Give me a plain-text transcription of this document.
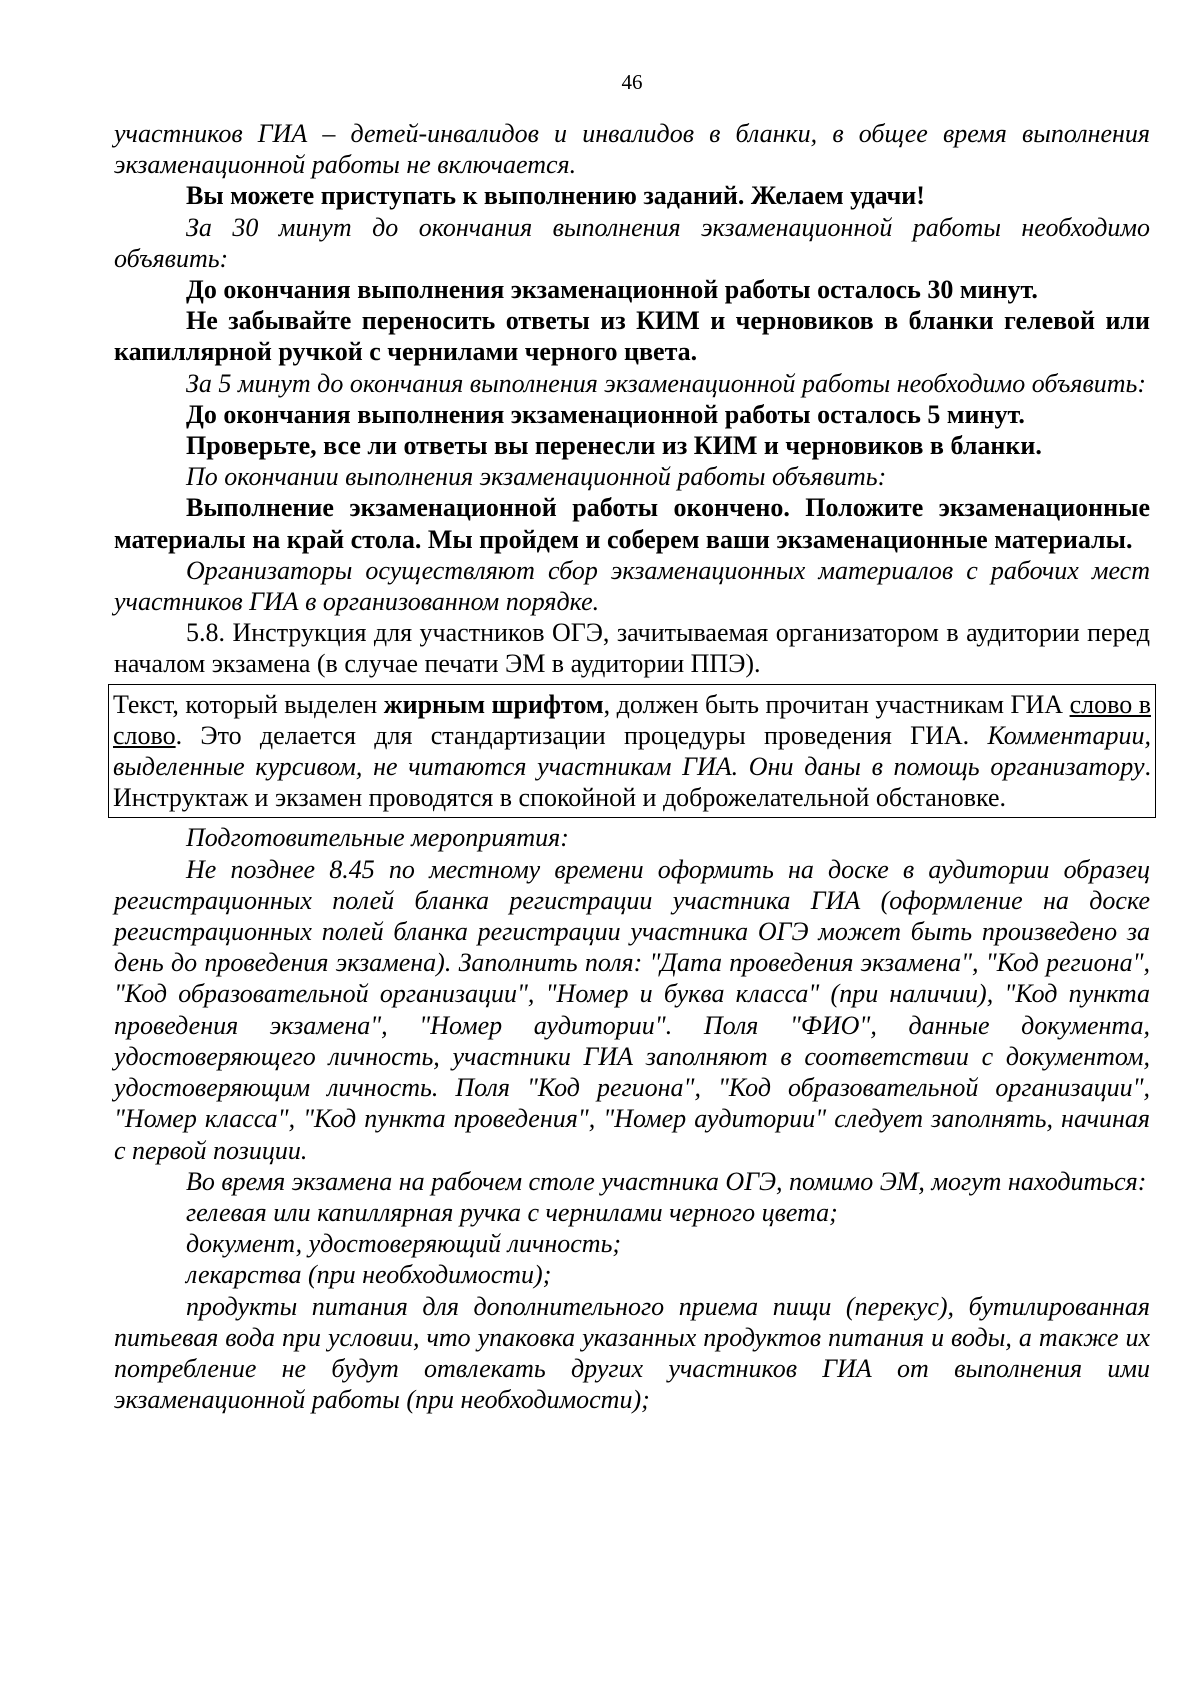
46

участников ГИА – детей-инвалидов и инвалидов в бланки, в общее время выполнения экзаменационной работы не включается.

Вы можете приступать к выполнению заданий. Желаем удачи!

За 30 минут до окончания выполнения экзаменационной работы необходимо объявить:

До окончания выполнения экзаменационной работы осталось 30 минут.

Не забывайте переносить ответы из КИМ и черновиков в бланки гелевой или капиллярной ручкой с чернилами черного цвета.

За 5 минут до окончания выполнения экзаменационной работы необходимо объявить:

До окончания выполнения экзаменационной работы осталось 5 минут.

Проверьте, все ли ответы вы перенесли из КИМ и черновиков в бланки.

По окончании выполнения экзаменационной работы объявить:

Выполнение экзаменационной работы окончено. Положите экзаменационные материалы на край стола. Мы пройдем и соберем ваши экзаменационные материалы.

Организаторы осуществляют сбор экзаменационных материалов с рабочих мест участников ГИА в организованном порядке.

5.8. Инструкция для участников ОГЭ, зачитываемая организатором в аудитории перед началом экзамена (в случае печати ЭМ в аудитории ППЭ).

Текст, который выделен жирным шрифтом, должен быть прочитан участникам ГИА слово в слово. Это делается для стандартизации процедуры проведения ГИА. Комментарии, выделенные курсивом, не читаются участникам ГИА. Они даны в помощь организатору. Инструктаж и экзамен проводятся в спокойной и доброжелательной обстановке.

Подготовительные мероприятия:

Не позднее 8.45 по местному времени оформить на доске в аудитории образец регистрационных полей бланка регистрации участника ГИА (оформление на доске регистрационных полей бланка регистрации участника ОГЭ может быть произведено за день до проведения экзамена). Заполнить поля: "Дата проведения экзамена", "Код региона", "Код образовательной организации", "Номер и буква класса" (при наличии), "Код пункта проведения экзамена", "Номер аудитории". Поля "ФИО", данные документа, удостоверяющего личность, участники ГИА заполняют в соответствии с документом, удостоверяющим личность. Поля "Код региона", "Код образовательной организации", "Номер класса", "Код пункта проведения", "Номер аудитории" следует заполнять, начиная с первой позиции.

Во время экзамена на рабочем столе участника ОГЭ, помимо ЭМ, могут находиться:

гелевая или капиллярная ручка с чернилами черного цвета;

документ, удостоверяющий личность;

лекарства (при необходимости);

продукты питания для дополнительного приема пищи (перекус), бутилированная питьевая вода при условии, что упаковка указанных продуктов питания и воды, а также их потребление не будут отвлекать других участников ГИА от выполнения ими экзаменационной работы (при необходимости);
